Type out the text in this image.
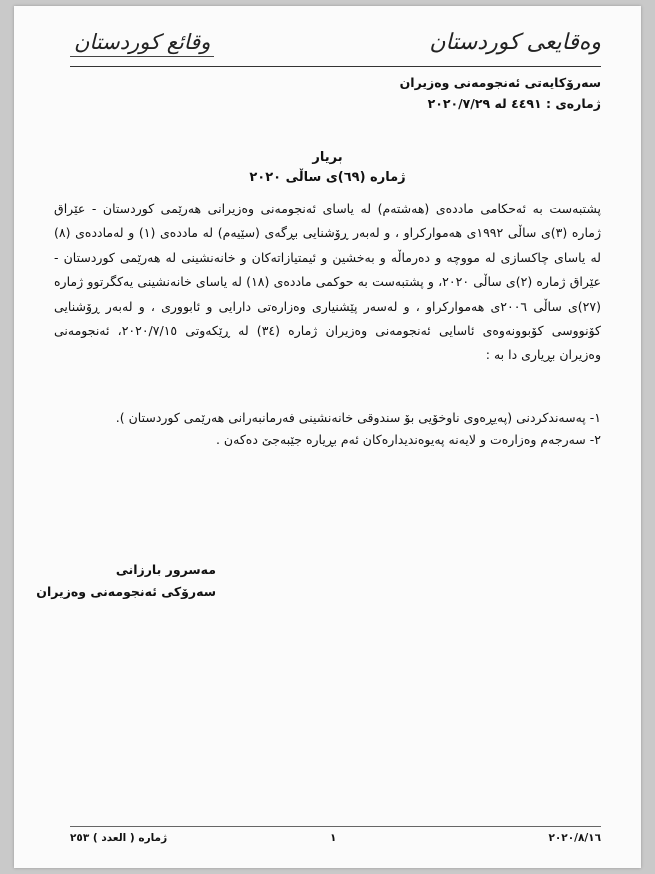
وقائع كوردستان	وەقایعی کوردستان
سەرۆکایەتی ئەنجومەنی وەزیران
ژمارەی : ٤٤٩١ لە ٢٠٢٠/٧/٢٩
بریار
ژمارە (٦٩)ی ساڵی ٢٠٢٠
پشتبەست بە ئەحکامی ماددەی (هەشتەم) لە یاسای ئەنجومەنی وەزیرانی هەرێمی کوردستان - عێراق ژمارە (٣)ی ساڵی ١٩٩٢ی هەموارکراو ، و لەبەر ڕۆشنایی بڕگەی (سێیەم) لە ماددەی (١) و لەماددەی (٨) لە یاسای چاکسازی لە مووچە و دەرماڵە و بەخشین و ئیمتیازاتەکان و خانەنشینی لە هەرێمی کوردستان - عێراق ژمارە (٢)ی ساڵی ٢٠٢٠، و پشتبەست بە حوکمی ماددەی (١٨) لە یاسای خانەنشینی یەکگرتوو ژمارە (٢٧)ی ساڵی ٢٠٠٦ی هەموارکراو ، و لەسەر پێشنیاری وەزارەتی دارایی و ئابووری ، و لەبەر ڕۆشنایی کۆنووسی کۆبوونەوەی ئاسایی ئەنجومەنی وەزیران ژمارە (٣٤) لە ڕێکەوتی ٢٠٢٠/٧/١٥، ئەنجومەنی وەزیران بڕیاری دا بە :
١- پەسەندکردنی (پەیڕەوی ناوخۆیی بۆ سندوقی خانەنشینی فەرمانبەرانی هەرێمی کوردستان ).
٢- سەرجەم وەزارەت و لایەنە پەیوەندیدارەکان ئەم بڕیارە جێبەجێ دەکەن .
مەسرور بارزانی
سەرۆکی ئەنجومەنی وەزیران
ژمارە ( العدد ) ٢٥٣	١	٢٠٢٠/٨/١٦
